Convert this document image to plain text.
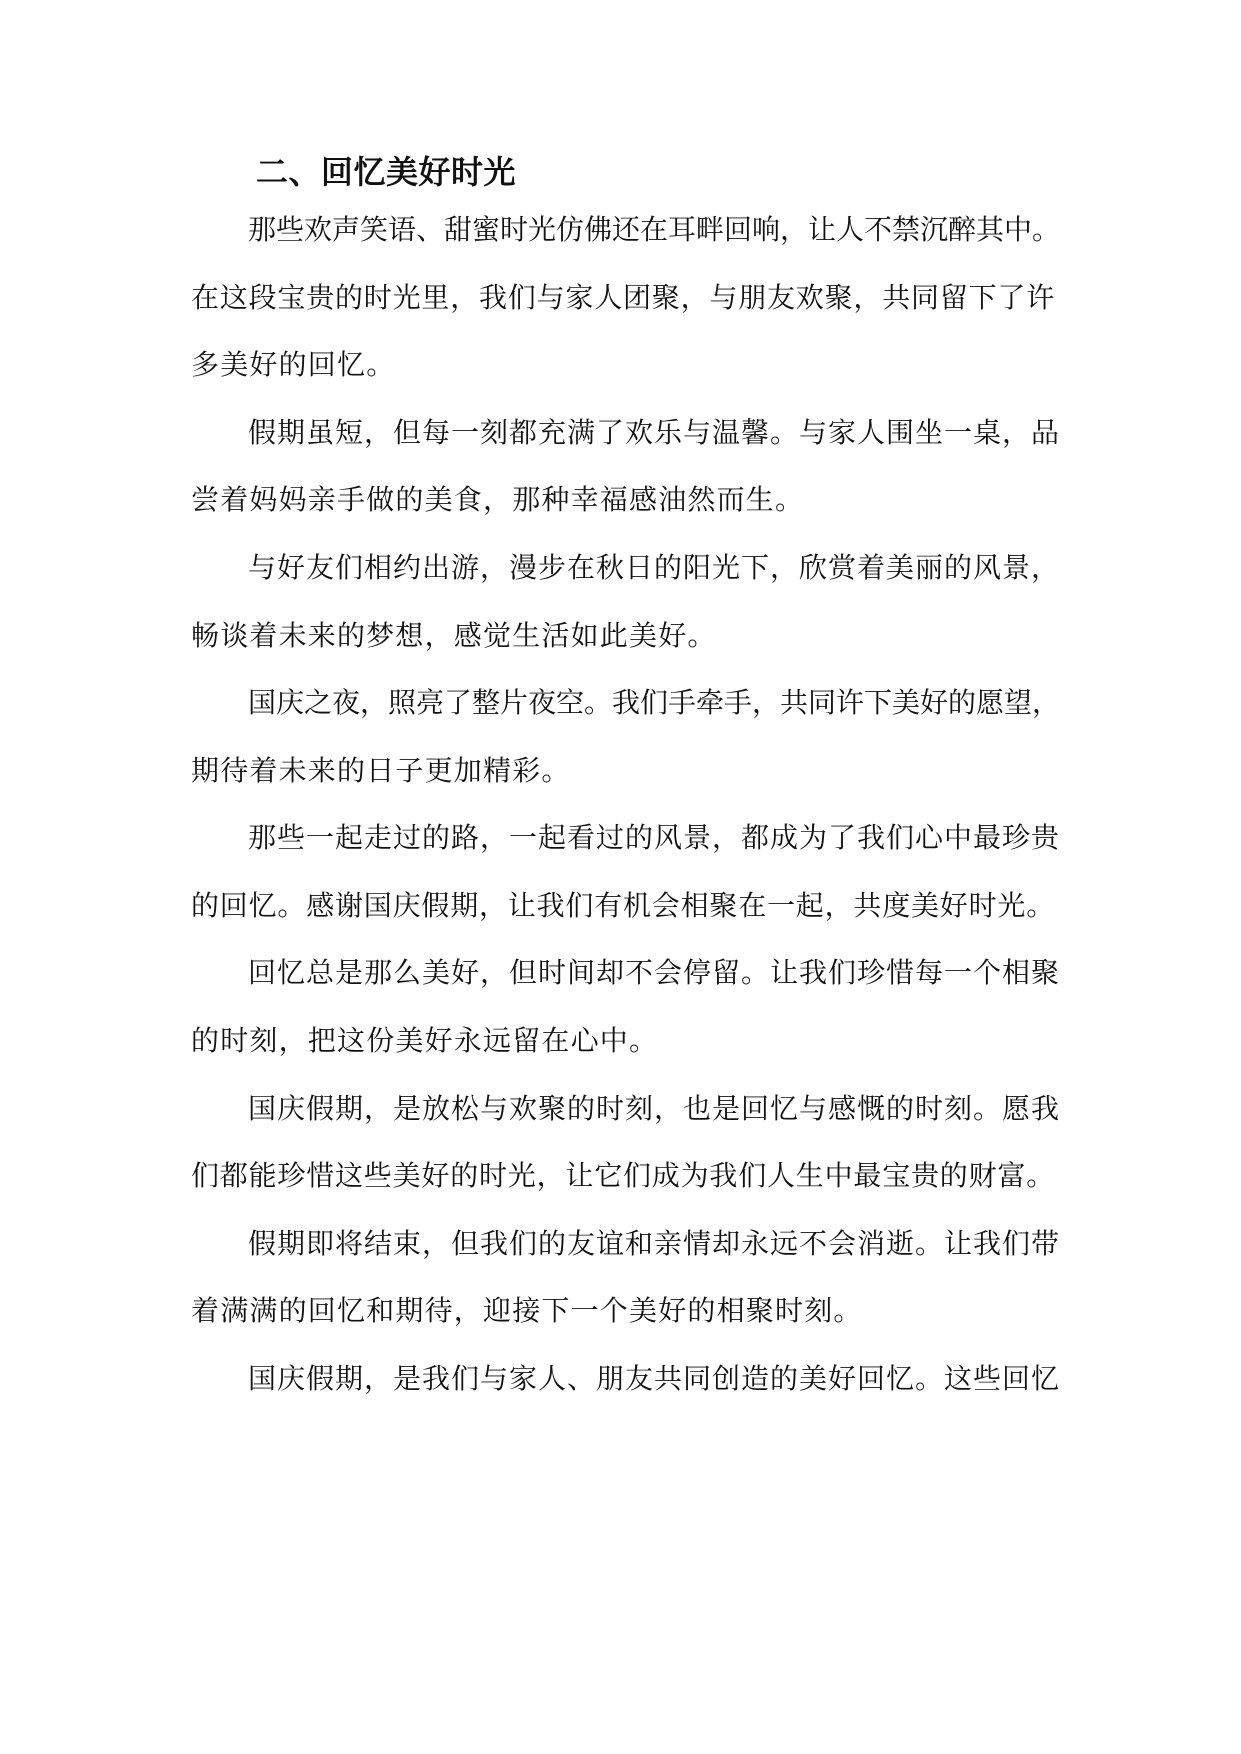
二、回忆美好时光

那些欢声笑语、甜蜜时光仿佛还在耳畔回响，让人不禁沉醉其中。

在这段宝贵的时光里，我们与家人团聚，与朋友欢聚，共同留下了许

多美好的回忆。

假期虽短，但每一刻都充满了欢乐与温馨。与家人围坐一桌，品

尝着妈妈亲手做的美食，那种幸福感油然而生。

与好友们相约出游，漫步在秋日的阳光下，欣赏着美丽的风景，

畅谈着未来的梦想，感觉生活如此美好。

国庆之夜，照亮了整片夜空。我们手牵手，共同许下美好的愿望，

期待着未来的日子更加精彩。

那些一起走过的路，一起看过的风景，都成为了我们心中最珍贵

的回忆。感谢国庆假期，让我们有机会相聚在一起，共度美好时光。

回忆总是那么美好，但时间却不会停留。让我们珍惜每一个相聚

的时刻，把这份美好永远留在心中。

国庆假期，是放松与欢聚的时刻，也是回忆与感慨的时刻。愿我

们都能珍惜这些美好的时光，让它们成为我们人生中最宝贵的财富。

假期即将结束，但我们的友谊和亲情却永远不会消逝。让我们带

着满满的回忆和期待，迎接下一个美好的相聚时刻。

国庆假期，是我们与家人、朋友共同创造的美好回忆。这些回忆
